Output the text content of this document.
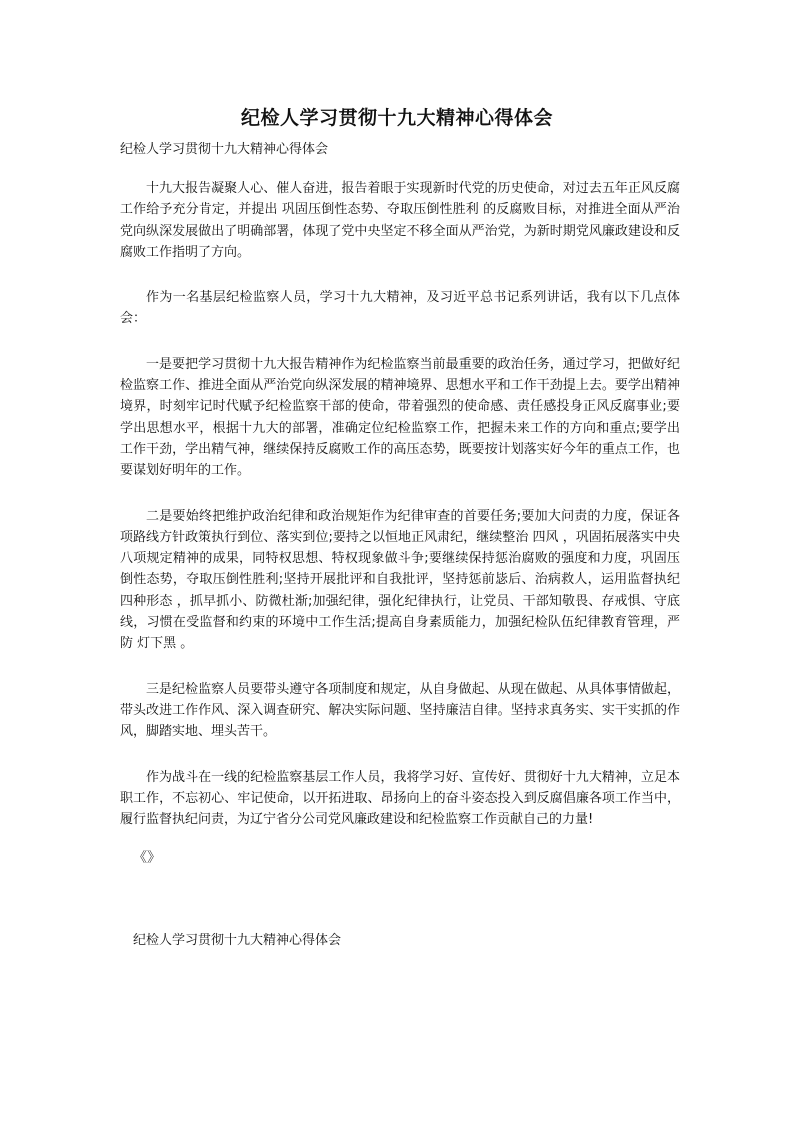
纪检人学习贯彻十九大精神心得体会

纪检人学习贯彻十九大精神心得体会

十九大报告凝聚人心、催人奋进，报告着眼于实现新时代党的历史使命，对过去五年正风反腐工作给予充分肯定，并提出 巩固压倒性态势、夺取压倒性胜利 的反腐败目标，对推进全面从严治党向纵深发展做出了明确部署，体现了党中央坚定不移全面从严治党，为新时期党风廉政建设和反腐败工作指明了方向。

作为一名基层纪检监察人员，学习十九大精神，及习近平总书记系列讲话，我有以下几点体会：

一是要把学习贯彻十九大报告精神作为纪检监察当前最重要的政治任务，通过学习，把做好纪检监察工作、推进全面从严治党向纵深发展的精神境界、思想水平和工作干劲提上去。要学出精神境界，时刻牢记时代赋予纪检监察干部的使命，带着强烈的使命感、责任感投身正风反腐事业;要学出思想水平，根据十九大的部署，准确定位纪检监察工作，把握未来工作的方向和重点;要学出工作干劲，学出精气神，继续保持反腐败工作的高压态势，既要按计划落实好今年的重点工作，也要谋划好明年的工作。

二是要始终把维护政治纪律和政治规矩作为纪律审查的首要任务;要加大问责的力度，保证各项路线方针政策执行到位、落实到位;要持之以恒地正风肃纪，继续整治 四风 ，巩固拓展落实中央八项规定精神的成果，同特权思想、特权现象做斗争;要继续保持惩治腐败的强度和力度，巩固压倒性态势，夺取压倒性胜利;坚持开展批评和自我批评，坚持惩前毖后、治病救人，运用监督执纪 四种形态 ，抓早抓小、防微杜渐;加强纪律，强化纪律执行，让党员、干部知敬畏、存戒惧、守底线，习惯在受监督和约束的环境中工作生活;提高自身素质能力，加强纪检队伍纪律教育管理，严防 灯下黑 。

三是纪检监察人员要带头遵守各项制度和规定，从自身做起、从现在做起、从具体事情做起，带头改进工作作风、深入调查研究、解决实际问题、坚持廉洁自律。坚持求真务实、实干实抓的作风，脚踏实地、埋头苦干。

作为战斗在一线的纪检监察基层工作人员，我将学习好、宣传好、贯彻好十九大精神，立足本职工作，不忘初心、牢记使命，以开拓进取、昂扬向上的奋斗姿态投入到反腐倡廉各项工作当中，履行监督执纪问责，为辽宁省分公司党风廉政建设和纪检监察工作贡献自己的力量!

《》

纪检人学习贯彻十九大精神心得体会
